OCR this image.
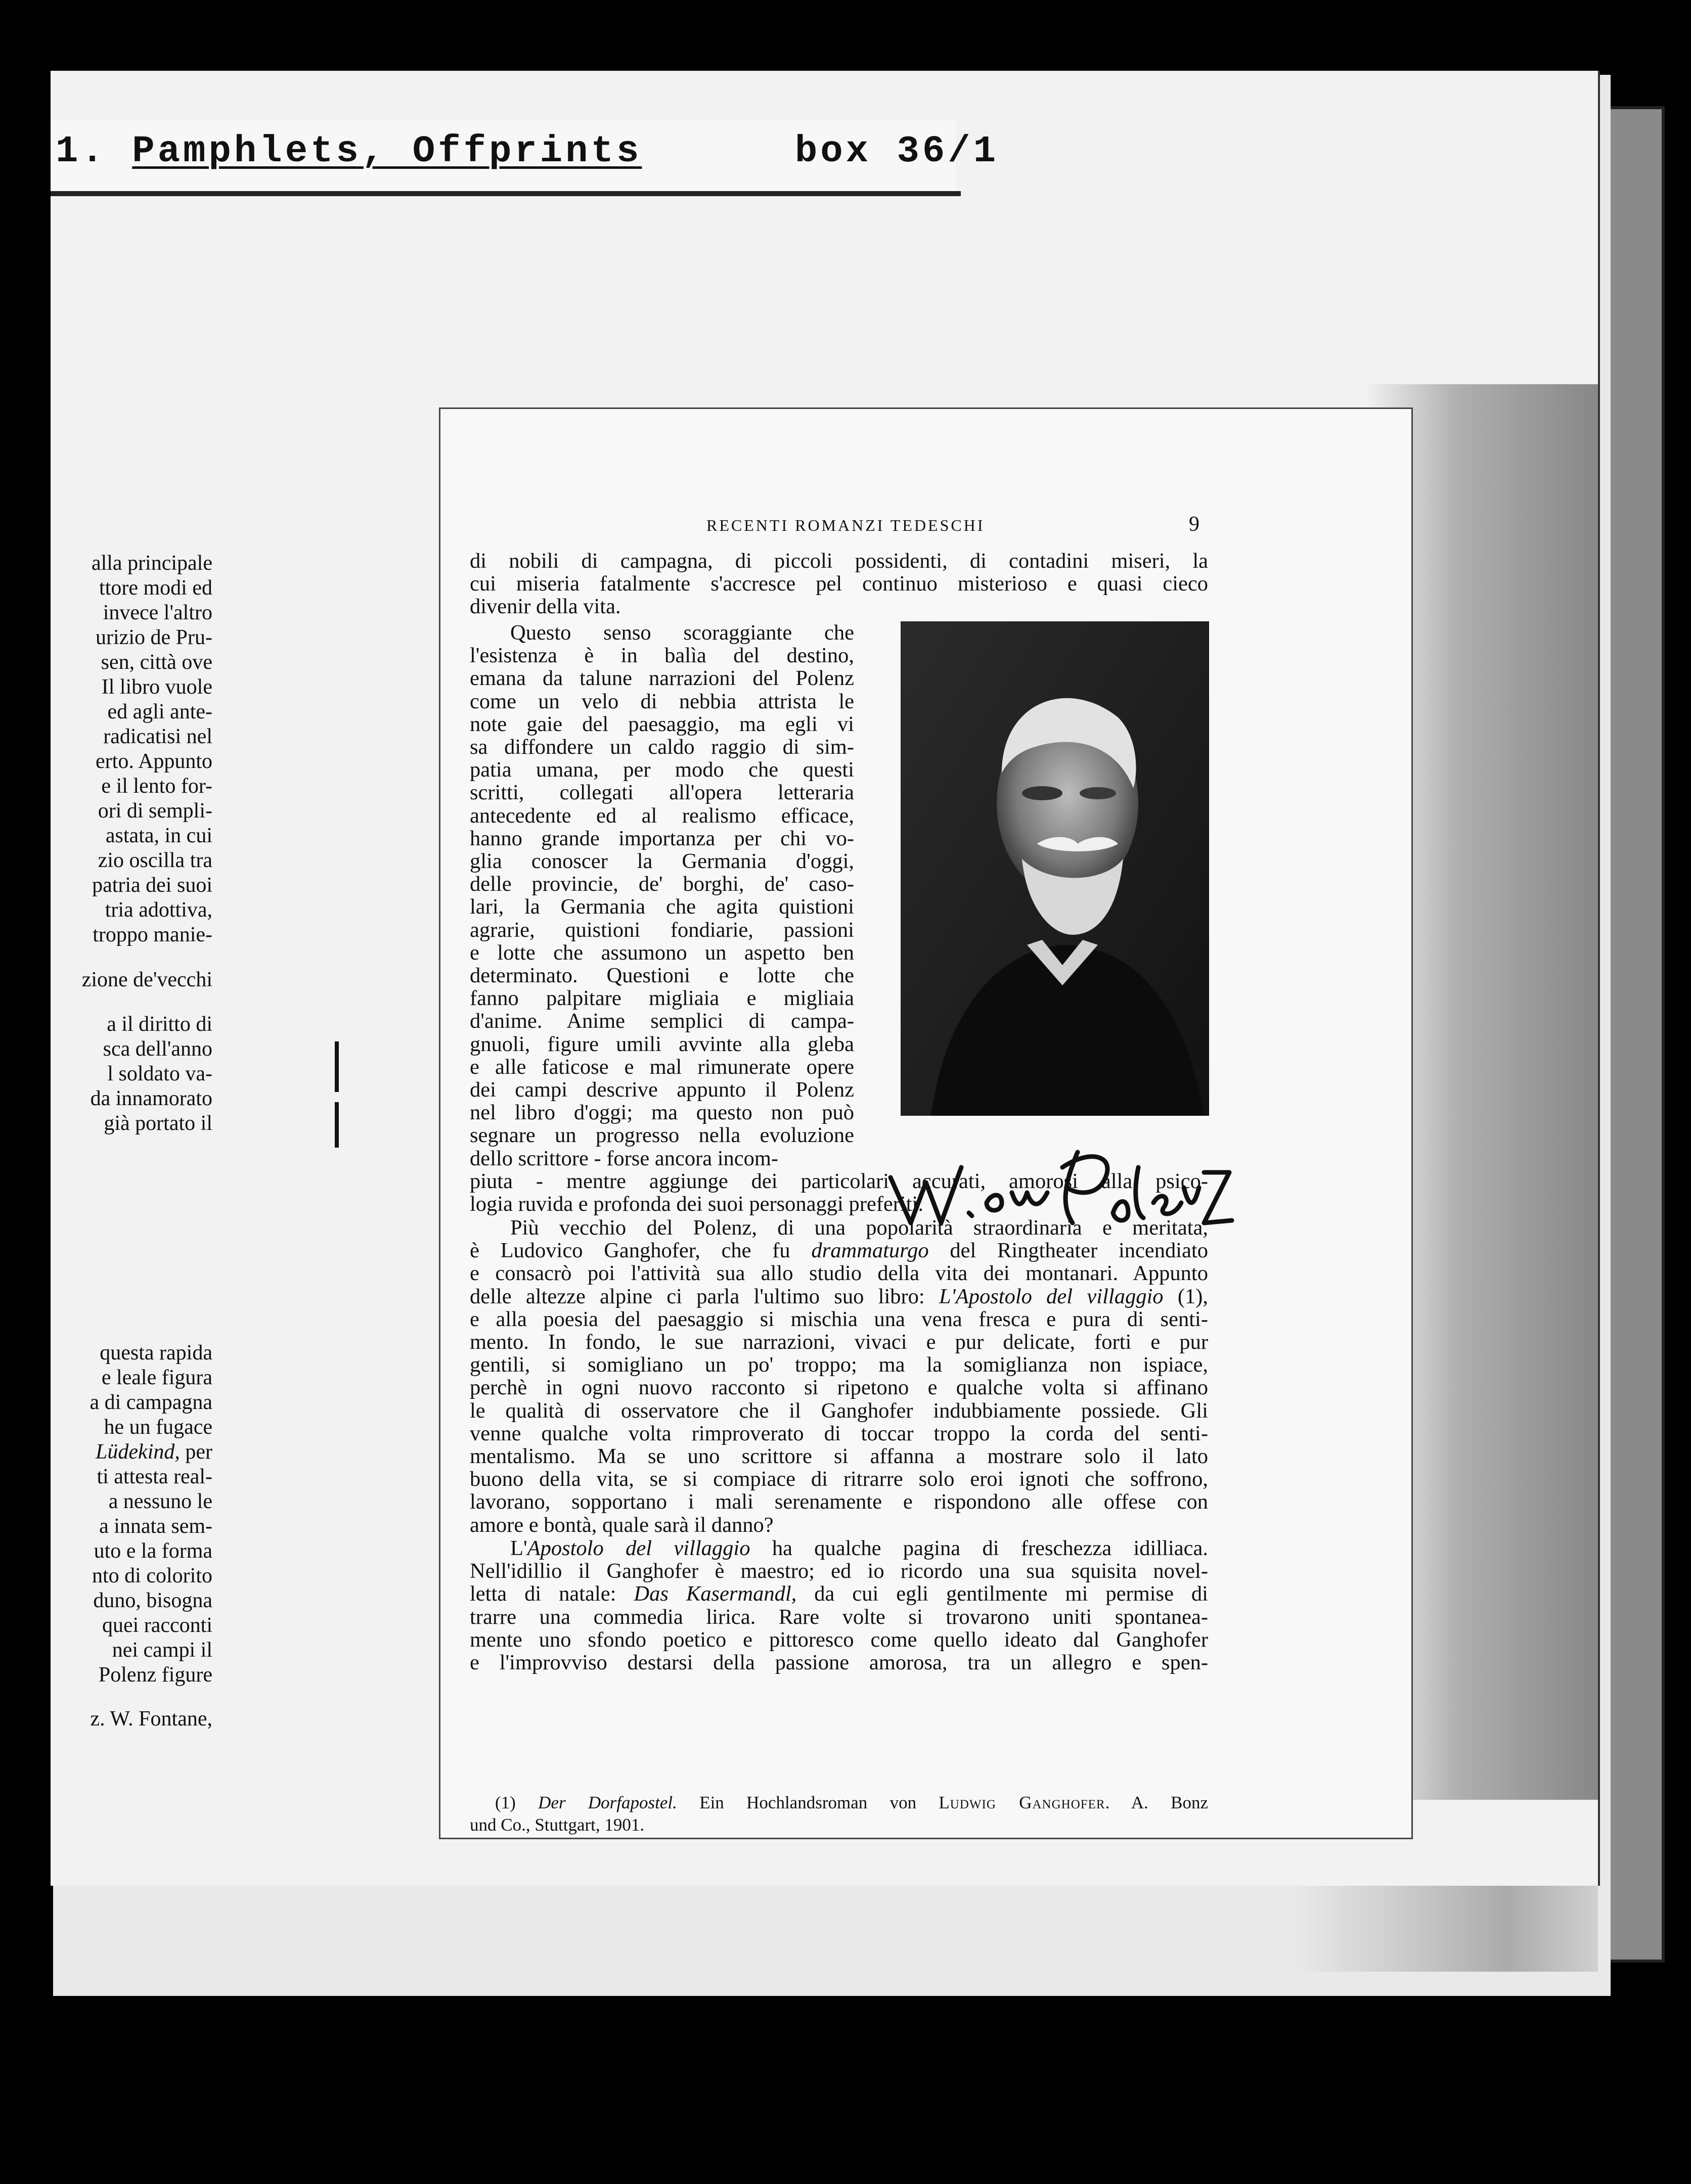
1. Pamphlets, Offprints	box 36/1
alla principale
ttore modi ed
invece l'altro
urizio de Pru-
sen, città ove
Il libro vuole
ed agli ante-
radicatisi nel
erto. Appunto
e il lento for-
ori di sempli-
astata, in cui
zio oscilla tra
patria dei suoi
tria adottiva,
troppo manie-
zione de'vecchi
a il diritto di
sca dell'anno
l soldato va-
da innamorato
già portato il
questa rapida
e leale figura
a di campagna
he un fugace
Lüdekind, per
ti attesta real-
a nessuno le
a innata sem-
uto e la forma
nto di colorito
duno, bisogna
quei racconti
nei campi il
Polenz figure
z. W. Fontane,
RECENTI ROMANZI TEDESCHI	9
di nobili di campagna, di piccoli possidenti, di contadini miseri, la
cui miseria fatalmente s'accresce pel continuo misterioso e quasi cieco
divenir della vita.
Questo senso scoraggiante che
l'esistenza è in balìa del destino,
emana da talune narrazioni del Polenz
come un velo di nebbia attrista le
note gaie del paesaggio, ma egli vi
sa diffondere un caldo raggio di sim-
patia umana, per modo che questi
scritti, collegati all'opera letteraria
antecedente ed al realismo efficace,
hanno grande importanza per chi vo-
glia conoscer la Germania d'oggi,
delle provincie, de' borghi, de' caso-
lari, la Germania che agita quistioni
agrarie, quistioni fondiarie, passioni
e lotte che assumono un aspetto ben
determinato. Questioni e lotte che
fanno palpitare migliaia e migliaia
d'anime. Anime semplici di campa-
gnuoli, figure umili avvinte alla gleba
e alle faticose e mal rimunerate opere
dei campi descrive appunto il Polenz
nel libro d'oggi; ma questo non può
segnare un progresso nella evoluzione
dello scrittore - forse ancora incom-
piuta - mentre aggiunge dei particolari accurati, amorosi alla psico-
logia ruvida e profonda dei suoi personaggi preferiti.
Più vecchio del Polenz, di una popolarità straordinaria e meritata,
è Ludovico Ganghofer, che fu drammaturgo del Ringtheater incendiato
e consacrò poi l'attività sua allo studio della vita dei montanari. Appunto
delle altezze alpine ci parla l'ultimo suo libro: L'Apostolo del villaggio (1),
e alla poesia del paesaggio si mischia una vena fresca e pura di senti-
mento. In fondo, le sue narrazioni, vivaci e pur delicate, forti e pur
gentili, si somigliano un po' troppo; ma la somiglianza non ispiace,
perchè in ogni nuovo racconto si ripetono e qualche volta si affinano
le qualità di osservatore che il Ganghofer indubbiamente possiede. Gli
venne qualche volta rimproverato di toccar troppo la corda del senti-
mentalismo. Ma se uno scrittore si affanna a mostrare solo il lato
buono della vita, se si compiace di ritrarre solo eroi ignoti che soffrono,
lavorano, sopportano i mali serenamente e rispondono alle offese con
amore e bontà, quale sarà il danno?
L'Apostolo del villaggio ha qualche pagina di freschezza idilliaca.
Nell'idillio il Ganghofer è maestro; ed io ricordo una sua squisita novel-
letta di natale: Das Kasermandl, da cui egli gentilmente mi permise di
trarre una commedia lirica. Rare volte si trovarono uniti spontanea-
mente uno sfondo poetico e pittoresco come quello ideato dal Ganghofer
e l'improvviso destarsi della passione amorosa, tra un allegro e spen-
(1) Der Dorfapostel. Ein Hochlandsroman von Ludwig Ganghofer. A. Bonz
und Co., Stuttgart, 1901.
